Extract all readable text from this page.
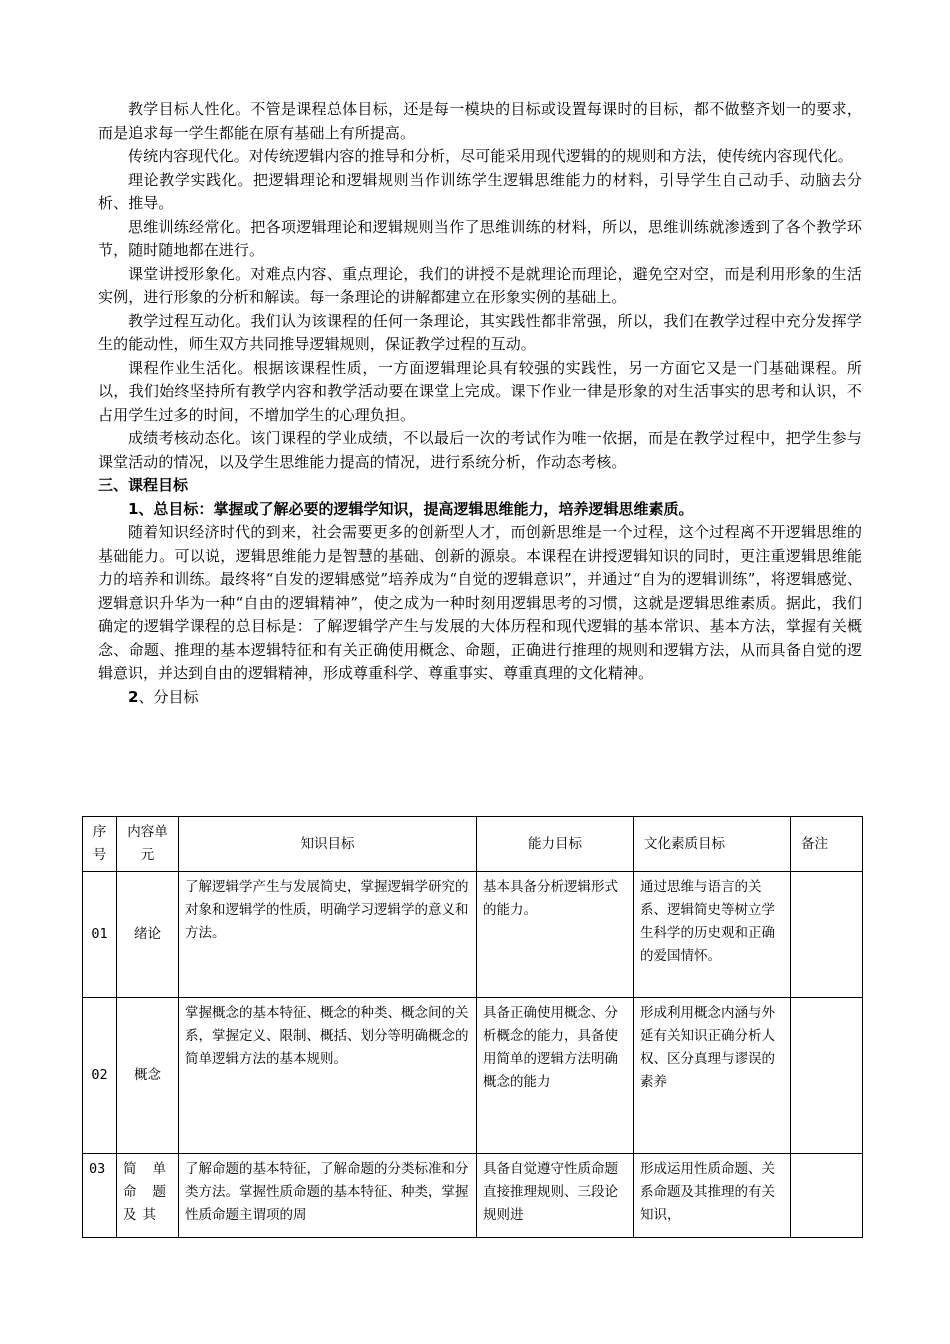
教学目标人性化。不管是课程总体目标，还是每一模块的目标或设置每课时的目标，都不做整齐划一的要求，而是追求每一学生都能在原有基础上有所提高。

传统内容现代化。对传统逻辑内容的推导和分析，尽可能采用现代逻辑的的规则和方法，使传统内容现代化。

理论教学实践化。把逻辑理论和逻辑规则当作训练学生逻辑思维能力的材料，引导学生自己动手、动脑去分析、推导。

思维训练经常化。把各项逻辑理论和逻辑规则当作了思维训练的材料，所以，思维训练就渗透到了各个教学环节，随时随地都在进行。

课堂讲授形象化。对难点内容、重点理论，我们的讲授不是就理论而理论，避免空对空，而是利用形象的生活实例，进行形象的分析和解读。每一条理论的讲解都建立在形象实例的基础上。

教学过程互动化。我们认为该课程的任何一条理论，其实践性都非常强，所以，我们在教学过程中充分发挥学生的能动性，师生双方共同推导逻辑规则，保证教学过程的互动。

课程作业生活化。根据该课程性质，一方面逻辑理论具有较强的实践性，另一方面它又是一门基础课程。所以，我们始终坚持所有教学内容和教学活动要在课堂上完成。课下作业一律是形象的对生活事实的思考和认识，不占用学生过多的时间，不增加学生的心理负担。

成绩考核动态化。该门课程的学业成绩，不以最后一次的考试作为唯一依据，而是在教学过程中，把学生参与课堂活动的情况，以及学生思维能力提高的情况，进行系统分析，作动态考核。

三、课程目标
1、总目标：掌握或了解必要的逻辑学知识，提高逻辑思维能力，培养逻辑思维素质。

随着知识经济时代的到来，社会需要更多的创新型人才，而创新思维是一个过程，这个过程离不开逻辑思维的基础能力。可以说，逻辑思维能力是智慧的基础、创新的源泉。本课程在讲授逻辑知识的同时，更注重逻辑思维能力的培养和训练。最终将“自发的逻辑感觉”培养成为“自觉的逻辑意识”，并通过“自为的逻辑训练”，将逻辑感觉、逻辑意识升华为一种“自由的逻辑精神”，使之成为一种时刻用逻辑思考的习惯，这就是逻辑思维素质。据此，我们确定的逻辑学课程的总目标是：了解逻辑学产生与发展的大体历程和现代逻辑的基本常识、基本方法，掌握有关概念、命题、推理的基本逻辑特征和有关正确使用概念、命题，正确进行推理的规则和逻辑方法，从而具备自觉的逻辑意识，并达到自由的逻辑精神，形成尊重科学、尊重事实、尊重真理的文化精神。

2、分目标
序号	内容单元	知识目标	能力目标	文化素质目标	备注
01	绪论	了解逻辑学产生与发展简史，掌握逻辑学研究的对象和逻辑学的性质，明确学习逻辑学的意义和方法。	基本具备分析逻辑形式的能力。	通过思维与语言的关系、逻辑简史等树立学生科学的历史观和正确的爱国情怀。	
02	概念	掌握概念的基本特征、概念的种类、概念间的关系，掌握定义、限制、概括、划分等明确概念的简单逻辑方法的基本规则。	具备正确使用概念、分析概念的能力，具备使用简单的逻辑方法明确概念的能力	形成利用概念内涵与外延有关知识正确分析人权、区分真理与谬误的素养	
03	简单命题及其	了解命题的基本特征，了解命题的分类标准和分类方法。掌握性质命题的基本特征、种类，掌握性质命题主谓项的周	具备自觉遵守性质命题直接推理规则、三段论规则进	形成运用性质命题、关系命题及其推理的有关知识，	
